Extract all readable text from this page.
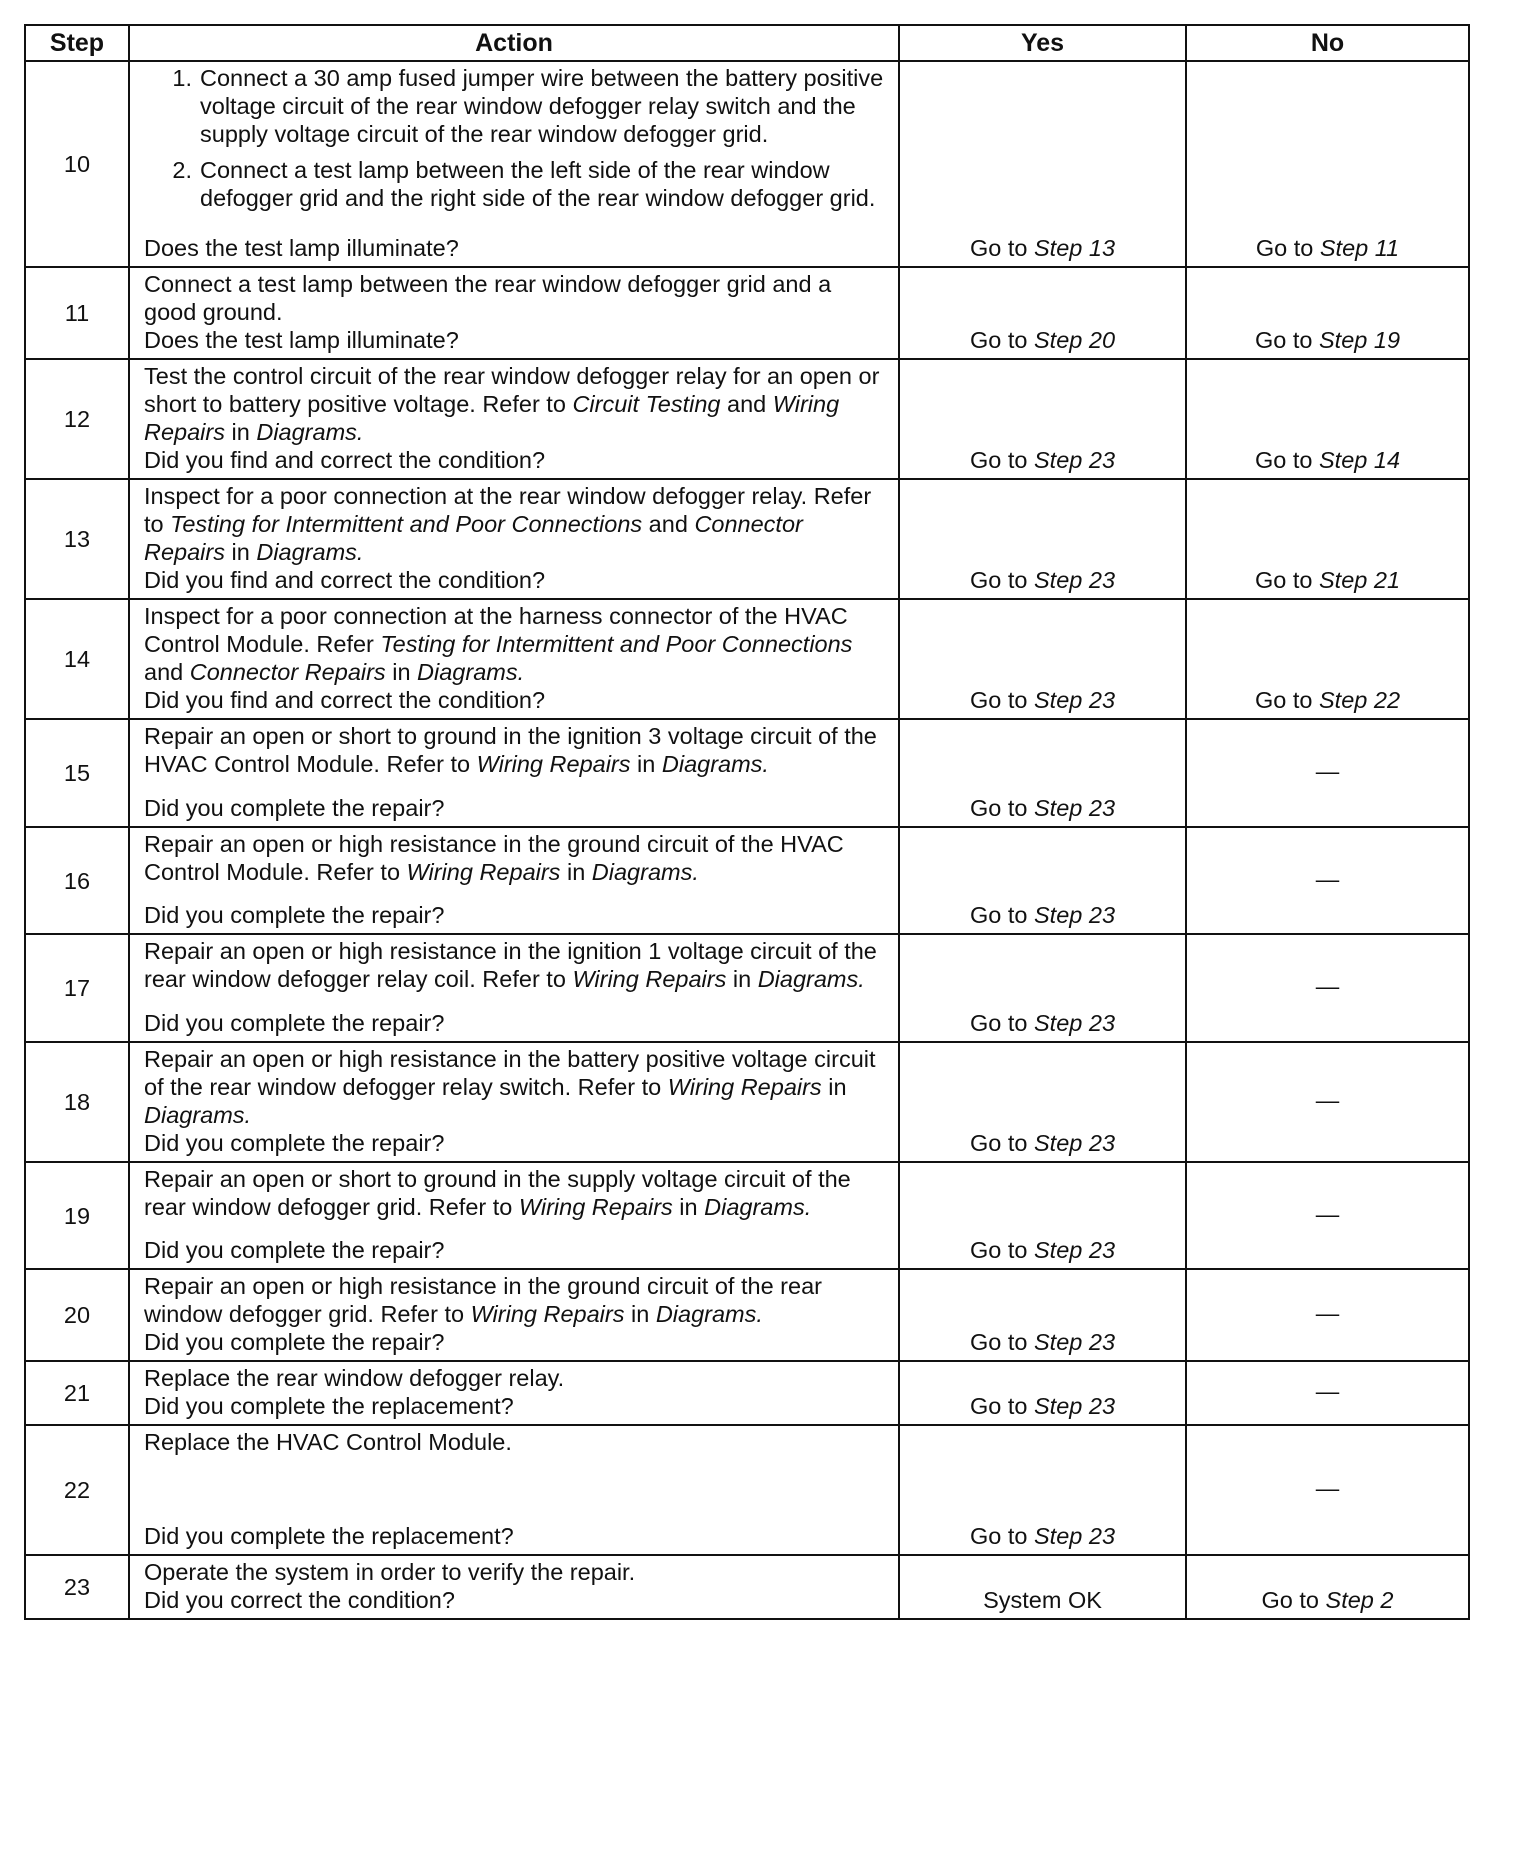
Step	Action	Yes	No
10	1. Connect a 30 amp fused jumper wire between the battery positive voltage circuit of the rear window defogger relay switch and the supply voltage circuit of the rear window defogger grid.
2. Connect a test lamp between the left side of the rear window defogger grid and the right side of the rear window defogger grid.
Does the test lamp illuminate?	Go to Step 13	Go to Step 11
11	Connect a test lamp between the rear window defogger grid and a good ground.
Does the test lamp illuminate?	Go to Step 20	Go to Step 19
12	Test the control circuit of the rear window defogger relay for an open or short to battery positive voltage. Refer to Circuit Testing and Wiring Repairs in Diagrams.
Did you find and correct the condition?	Go to Step 23	Go to Step 14
13	Inspect for a poor connection at the rear window defogger relay. Refer to Testing for Intermittent and Poor Connections and Connector Repairs in Diagrams.
Did you find and correct the condition?	Go to Step 23	Go to Step 21
14	Inspect for a poor connection at the harness connector of the HVAC Control Module. Refer Testing for Intermittent and Poor Connections and Connector Repairs in Diagrams.
Did you find and correct the condition?	Go to Step 23	Go to Step 22
15	Repair an open or short to ground in the ignition 3 voltage circuit of the HVAC Control Module. Refer to Wiring Repairs in Diagrams.
Did you complete the repair?	Go to Step 23	—
16	Repair an open or high resistance in the ground circuit of the HVAC Control Module. Refer to Wiring Repairs in Diagrams.
Did you complete the repair?	Go to Step 23	—
17	Repair an open or high resistance in the ignition 1 voltage circuit of the rear window defogger relay coil. Refer to Wiring Repairs in Diagrams.
Did you complete the repair?	Go to Step 23	—
18	Repair an open or high resistance in the battery positive voltage circuit of the rear window defogger relay switch. Refer to Wiring Repairs in Diagrams.
Did you complete the repair?	Go to Step 23	—
19	Repair an open or short to ground in the supply voltage circuit of the rear window defogger grid. Refer to Wiring Repairs in Diagrams.
Did you complete the repair?	Go to Step 23	—
20	Repair an open or high resistance in the ground circuit of the rear window defogger grid. Refer to Wiring Repairs in Diagrams.
Did you complete the repair?	Go to Step 23	—
21	Replace the rear window defogger relay.
Did you complete the replacement?	Go to Step 23	—
22	Replace the HVAC Control Module.
Did you complete the replacement?	Go to Step 23	—
23	Operate the system in order to verify the repair.
Did you correct the condition?	System OK	Go to Step 2
